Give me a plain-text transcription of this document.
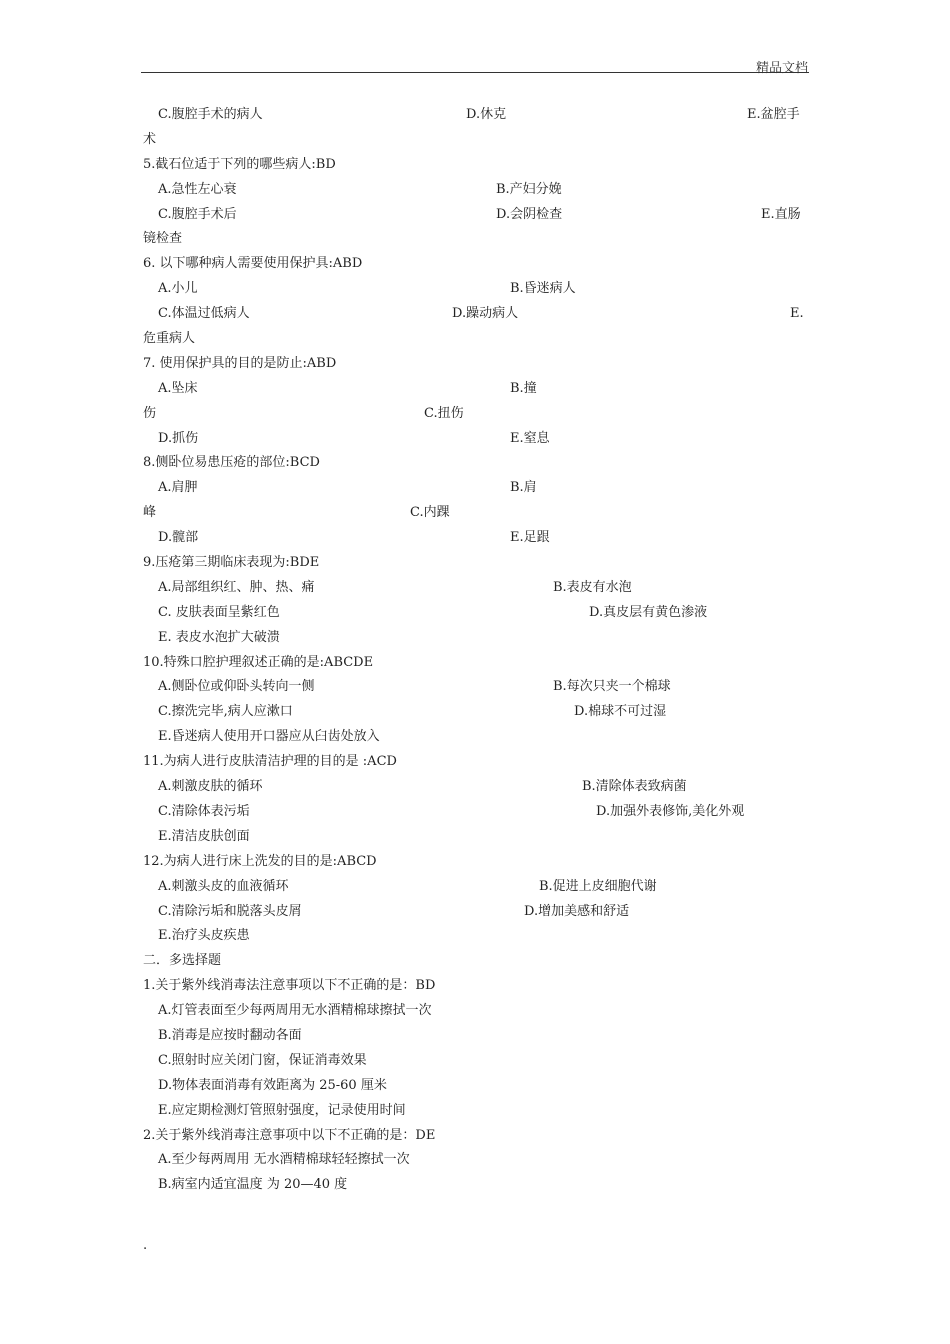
精品文档
C.腹腔手术的病人	D.休克	E.盆腔手
术
5.截石位适于下列的哪些病人:BD
A.急性左心衰	B.产妇分娩
C.腹腔手术后	D.会阴检查	E.直肠
镜检查
6. 以下哪种病人需要使用保护具:ABD
A.小儿	B.昏迷病人
C.体温过低病人	D.躁动病人	E.
危重病人
7. 使用保护具的目的是防止:ABD
A.坠床	B.撞
伤	C.扭伤
D.抓伤	E.窒息
8.侧卧位易患压疮的部位:BCD
A.肩胛	B.肩
峰	C.内踝
D.髋部	E.足跟
9.压疮第三期临床表现为:BDE
A.局部组织红、肿、热、痛	B.表皮有水泡
C. 皮肤表面呈紫红色	D.真皮层有黄色渗液
E. 表皮水泡扩大破溃
10.特殊口腔护理叙述正确的是:ABCDE
A.侧卧位或仰卧头转向一侧	B.每次只夹一个棉球
C.擦洗完毕,病人应漱口	D.棉球不可过湿
E.昏迷病人使用开口器应从臼齿处放入
11.为病人进行皮肤清洁护理的目的是 :ACD
A.刺激皮肤的循环	B.清除体表致病菌
C.清除体表污垢	D.加强外表修饰,美化外观
E.清洁皮肤创面
12.为病人进行床上洗发的目的是:ABCD
A.刺激头皮的血液循环	B.促进上皮细胞代谢
C.清除污垢和脱落头皮屑	D.增加美感和舒适
E.治疗头皮疾患
二．多选择题
1.关于紫外线消毒法注意事项以下不正确的是：BD
A.灯管表面至少每两周用无水酒精棉球擦拭一次
B.消毒是应按时翻动各面
C.照射时应关闭门窗，保证消毒效果
D.物体表面消毒有效距离为 25-60 厘米
E.应定期检测灯管照射强度，记录使用时间
2.关于紫外线消毒注意事项中以下不正确的是：DE
A.至少每两周用 无水酒精棉球轻轻擦拭一次
B.病室内适宜温度 为 20—40 度
.
